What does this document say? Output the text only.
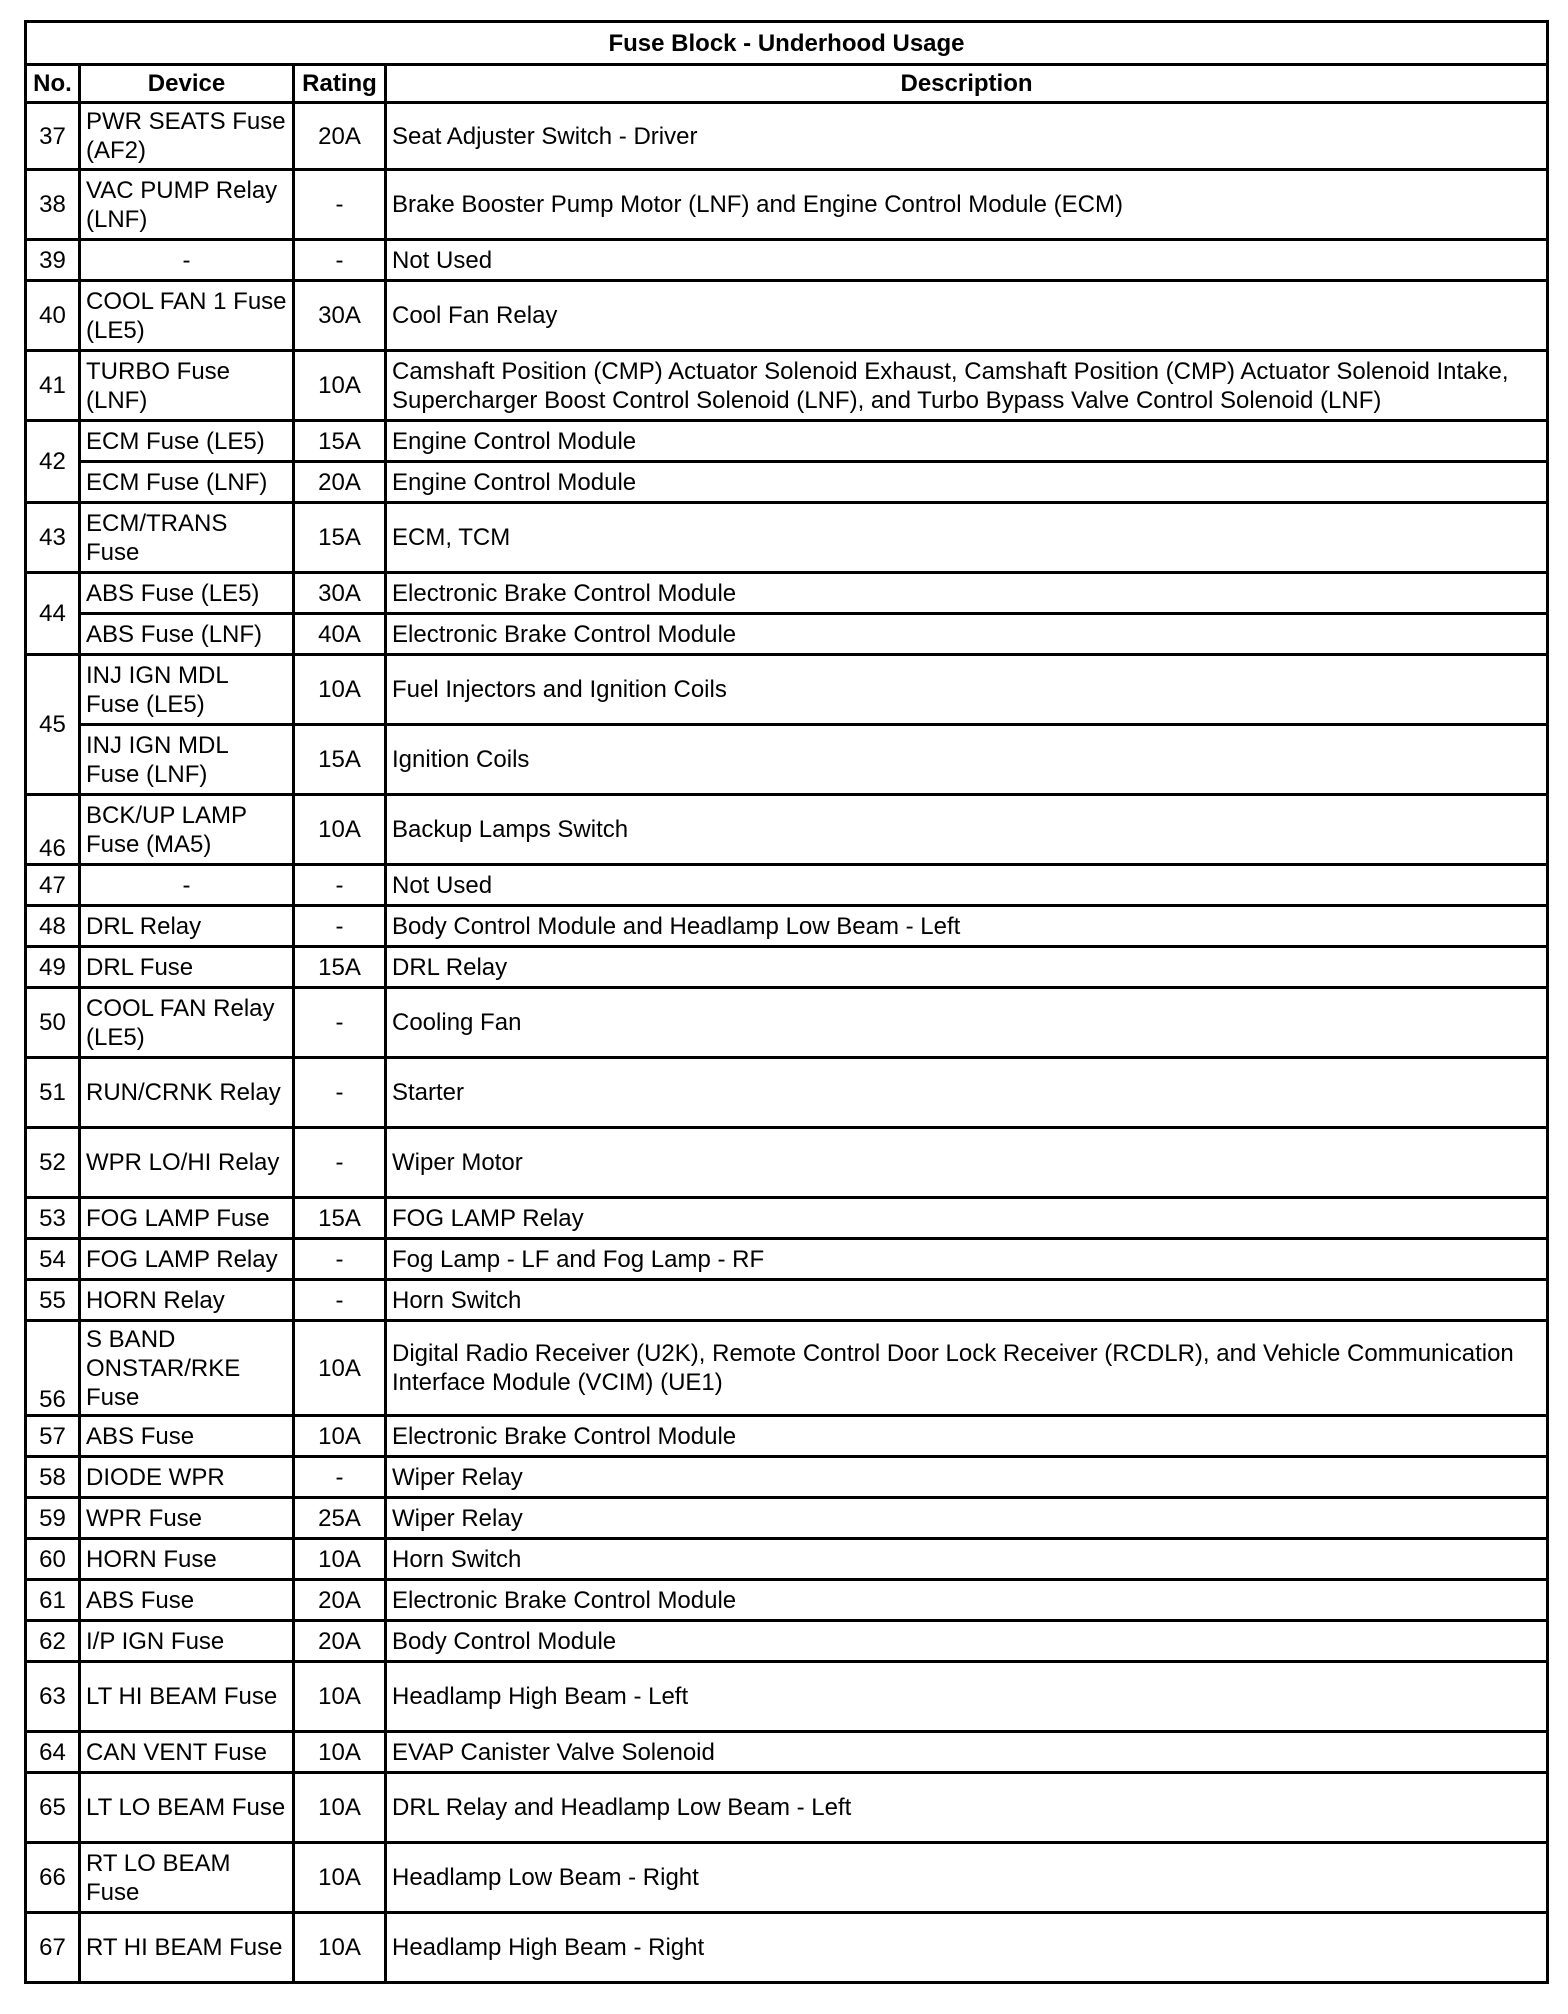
Fuse Block - Underhood Usage			
No.	Device	Rating	Description
37	PWR SEATS Fuse (AF2)	20A	Seat Adjuster Switch - Driver
38	VAC PUMP Relay (LNF)	-	Brake Booster Pump Motor (LNF) and Engine Control Module (ECM)
39	-	-	Not Used
40	COOL FAN 1 Fuse (LE5)	30A	Cool Fan Relay
41	TURBO Fuse (LNF)	10A	Camshaft Position (CMP) Actuator Solenoid Exhaust, Camshaft Position (CMP) Actuator Solenoid Intake, Supercharger Boost Control Solenoid (LNF), and Turbo Bypass Valve Control Solenoid (LNF)
42	ECM Fuse (LE5)	15A	Engine Control Module
	ECM Fuse (LNF)	20A	Engine Control Module
43	ECM/TRANS Fuse	15A	ECM, TCM
44	ABS Fuse (LE5)	30A	Electronic Brake Control Module
	ABS Fuse (LNF)	40A	Electronic Brake Control Module
45	INJ IGN MDL Fuse (LE5)	10A	Fuel Injectors and Ignition Coils
	INJ IGN MDL Fuse (LNF)	15A	Ignition Coils
46	BCK/UP LAMP Fuse (MA5)	10A	Backup Lamps Switch
47	-	-	Not Used
48	DRL Relay	-	Body Control Module and Headlamp Low Beam - Left
49	DRL Fuse	15A	DRL Relay
50	COOL FAN Relay (LE5)	-	Cooling Fan
51	RUN/CRNK Relay	-	Starter
52	WPR LO/HI Relay	-	Wiper Motor
53	FOG LAMP Fuse	15A	FOG LAMP Relay
54	FOG LAMP Relay	-	Fog Lamp - LF and Fog Lamp - RF
55	HORN Relay	-	Horn Switch
56	S BAND ONSTAR/RKE Fuse	10A	Digital Radio Receiver (U2K), Remote Control Door Lock Receiver (RCDLR), and Vehicle Communication Interface Module (VCIM) (UE1)
57	ABS Fuse	10A	Electronic Brake Control Module
58	DIODE WPR	-	Wiper Relay
59	WPR Fuse	25A	Wiper Relay
60	HORN Fuse	10A	Horn Switch
61	ABS Fuse	20A	Electronic Brake Control Module
62	I/P IGN Fuse	20A	Body Control Module
63	LT HI BEAM Fuse	10A	Headlamp High Beam - Left
64	CAN VENT Fuse	10A	EVAP Canister Valve Solenoid
65	LT LO BEAM Fuse	10A	DRL Relay and Headlamp Low Beam - Left
66	RT LO BEAM Fuse	10A	Headlamp Low Beam - Right
67	RT HI BEAM Fuse	10A	Headlamp High Beam - Right
